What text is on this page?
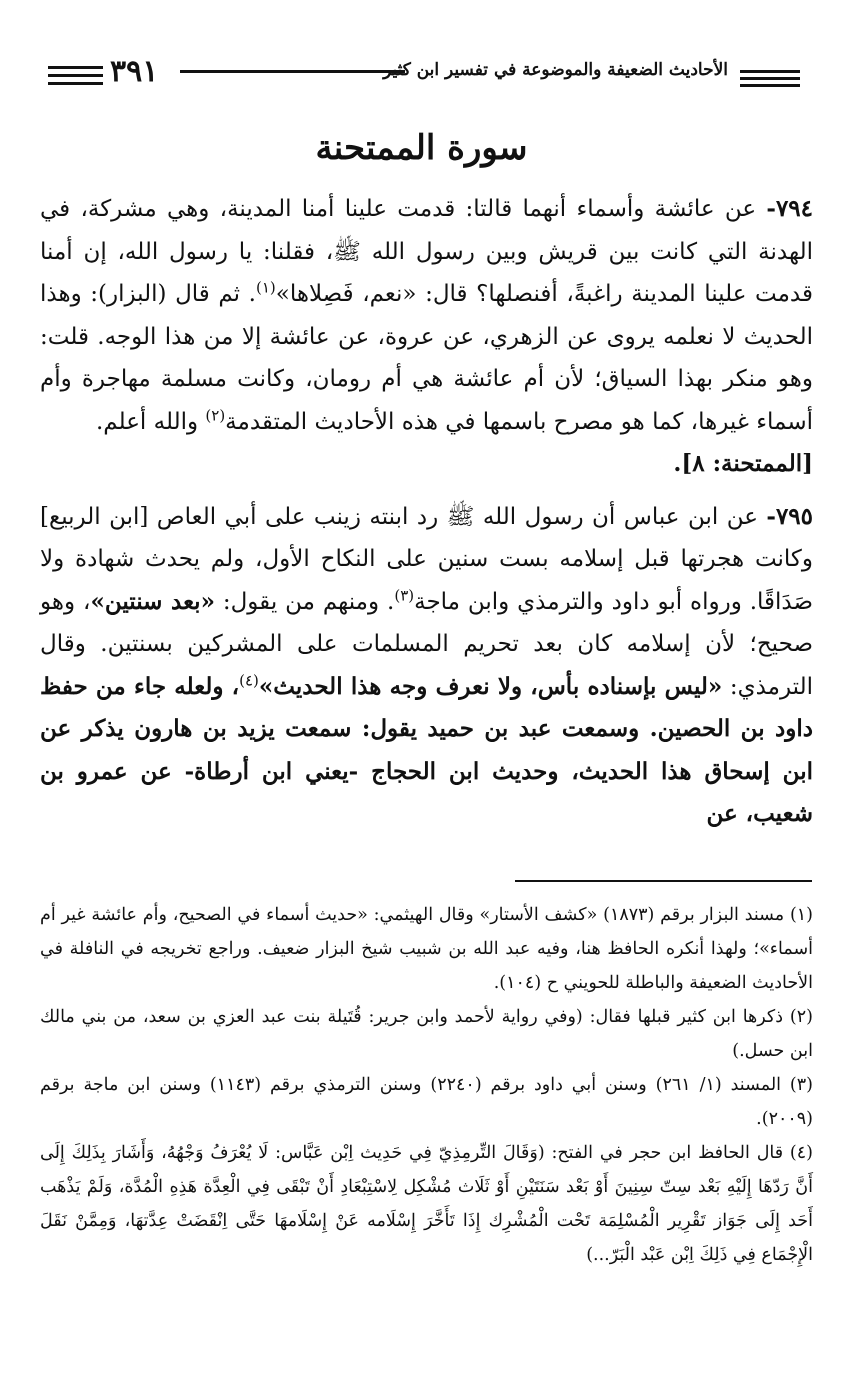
الأحاديث الضعيفة والموضوعة في تفسير ابن كثير
٣٩١
سورة الممتحنة

٧٩٤- عن عائشة وأسماء أنهما قالتا: قدمت علينا أمنا المدينة، وهي مشركة، في الهدنة التي كانت بين قريش وبين رسول الله ﷺ، فقلنا: يا رسول الله، إن أمنا قدمت علينا المدينة راغبةً، أفنصلها؟ قال: «نعم، فَصِلاها»$^{(١)}$. ثم قال (البزار): وهذا الحديث لا نعلمه يروى عن الزهري، عن عروة، عن عائشة إلا من هذا الوجه. قلت: وهو منكر بهذا السياق؛ لأن أم عائشة هي أم رومان، وكانت مسلمة مهاجرة وأم أسماء غيرها، كما هو مصرح باسمها في هذه الأحاديث المتقدمة$^{(٢)}$ والله أعلم.

[الممتحنة: ٨].

٧٩٥- عن ابن عباس أن رسول الله ﷺ رد ابنته زينب على أبي العاص [ابن الربيع] وكانت هجرتها قبل إسلامه بست سنين على النكاح الأول، ولم يحدث شهادة ولا صَدَاقًا. ورواه أبو داود والترمذي وابن ماجة$^{(٣)}$. ومنهم من يقول: «بعد سنتين»، وهو صحيح؛ لأن إسلامه كان بعد تحريم المسلمات على المشركين بسنتين. وقال الترمذي: «ليس بإسناده بأس، ولا نعرف وجه هذا الحديث»$^{(٤)}$، ولعله جاء من حفظ داود بن الحصين. وسمعت عبد بن حميد يقول: سمعت يزيد بن هارون يذكر عن ابن إسحاق هذا الحديث، وحديث ابن الحجاج -يعني ابن أرطاة- عن عمرو بن شعيب، عن

(١) مسند البزار برقم (١٨٧٣) «كشف الأستار» وقال الهيثمي: «حديث أسماء في الصحيح، وأم عائشة غير أم أسماء»؛ ولهذا أنكره الحافظ هنا، وفيه عبد الله بن شبيب شيخ البزار ضعيف. وراجع تخريجه في النافلة في الأحاديث الضعيفة والباطلة للحويني ح (١٠٤).

(٢) ذكرها ابن كثير قبلها فقال: (وفي رواية لأحمد وابن جرير: قُتَيلة بنت عبد العزي بن سعد، من بني مالك ابن حسل.)

(٣) المسند (١/ ٢٦١) وسنن أبي داود برقم (٢٢٤٠) وسنن الترمذي برقم (١١٤٣) وسنن ابن ماجة برقم (٢٠٠٩).

(٤) قال الحافظ ابن حجر في الفتح: (وَقَالَ التِّرمِذِيّ فِي حَدِيث اِبْن عَبَّاس: لَا يُعْرَفُ وَجْهُهُ، وَأَشَارَ بِذَلِكَ إِلَى أَنَّ رَدّهَا إِلَيْهِ بَعْد سِتّ سِنِينَ أَوْ بَعْد سَنَتَيْنِ أَوْ ثَلَاث مُشْكِل لِاسْتِبْعَادِ أَنْ تَبْقَى فِي الْعِدَّة هَذِهِ الْمُدَّة، وَلَمْ يَذْهَب أَحَد إِلَى جَوَاز تَقْرِير الْمُسْلِمَة تَحْت الْمُشْرِك إِذَا تَأَخَّرَ إِسْلَامه عَنْ إِسْلَامهَا حَتَّى اِنْقَضَتْ عِدَّتهَا، وَمِمَّنْ نَقَلَ الْإِجْمَاع فِي ذَلِكَ اِبْن عَبْد الْبَرّ...)
